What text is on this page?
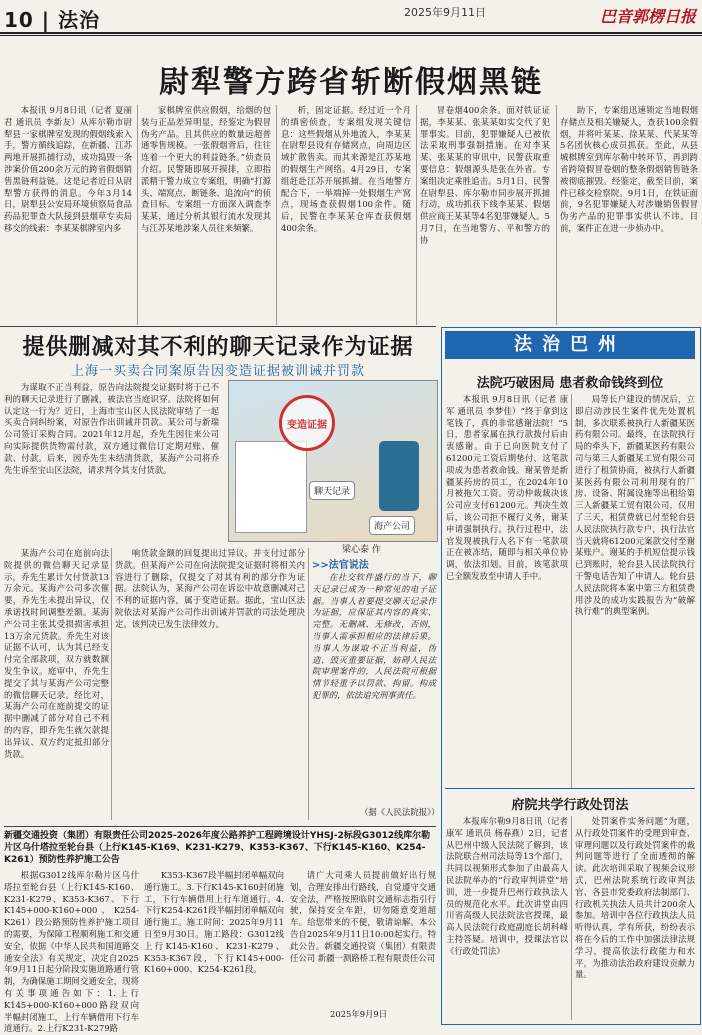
10 | 法治	2025年9月11日	巴音郭楞日报
尉犁警方跨省斩断假烟黑链

本报讯 9月8日讯（记者 夏丽君 通讯员 李新友）从库尔勒市尉犁县一家棋牌室发现的假烟线索入手，警方循线追踪，在新疆、江苏两地开展抓捕行动，成功捣毁一条涉案价值200余万元的跨省假烟销售黑链利益链。这是记者近日从尉犁警方获得的消息。今年3月14日，尉犁县公安局环境侦察局食品药品犯罪查大队接到县烟草专卖局移交的线索：李某某棋牌室内多

家棋牌室供应假烟，给烟的包装与正品差异明显，经鉴定为假冒伪劣产品。且其供应的数量远超普通零售规模。一张假烟背后，往往连着一个更大的利益链条。”侦查员介绍。民警随即展开摸排，立即指派精干警力成立专案组，明确“打源头、端窝点、断链条、追流向”的侦查目标。专案组一方面深入调查李某某，通过分析其银行流水发现其与江苏某地涉案人员往来频繁。

析，固定证据。经过近一个月的缜密侦查，专案组发现关键信息：这些假烟从外地流入，李某某在尉犁县设有存储窝点，向周边区域扩散售卖。而其来源是江苏某地的假烟生产网络。4月29日，专案组赶赴江苏开展抓捕。在当地警方配合下，一举端掉一处假烟生产窝点，现场查获假烟100余件。随后，民警在李某某仓库查获假烟400余条。

冒卷烟400余条。面对铁证证据，李某某、张某某如实交代了犯罪事实。目前，犯罪嫌疑人已被依法采取刑事强制措施。在对李某某、张某某的审讯中，民警获取重要信息：假烟源头是张在外省。专案组决定乘胜追击。5月1日，民警在尉犁县、库尔勒市同步展开抓捕行动，成功抓获下线李某某、假烟供应商王某某等4名犯罪嫌疑人。5月7日，在当地警方、平和警方的协

助下，专案组迅速锁定当地假烟存储点及相关嫌疑人，查获100余假烟，并将叶某某、徐某某、代某某等5名团伙核心成员抓获。至此，从县城棋牌室到库尔勒中转环节，再到跨省跨境假冒卷烟的整条假烟销售链条被彻底摧毁。经鉴定，截至目前，案件已移交检察院。9月1日，在铁证面前，9名犯罪嫌疑人对涉嫌销售假冒伪劣产品的犯罪事实供认不讳。目前，案件正在进一步侦办中。

提供删减对其不利的聊天记录作为证据
上海一买卖合同案原告因变造证据被训诫并罚款

为谋取不正当利益，原告向法院提交证据时将于己不利的聊天记录进行了删减，被法官当庭识穿。法院将如何认定这一行为？近日，上海市宝山区人民法院审结了一起买卖合同纠纷案，对原告作出训诫并罚款。某公司与新瑞公司签订采购合同。2021年12月起，乔先生因往来公司向实际提供货物需付款，双方通过微信订定期对账、催款、付款。后来，因乔先生未结清货款，某海产公司将乔先生诉至宝山区法院，请求判令其支付货款。

变造证据
聊天记录
海产公司
梁心泰 作

某海产公司在庭前向法院提供的微信聊天记录显示，乔先生累计欠付货款13万余元。某海产公司多次催要，乔先生未提出异议，仅承诺找时间调整差额。某海产公司主张其受损损害承担13万余元货款。乔先生对该证据不认可，认为其已经支付完全部款项，双方就数额发生争议。庭审中，乔先生提交了其与某海产公司完整的微信聊天记录。经比对，某海产公司在庭前提交的证据中删减了部分对自己不利的内容，即乔先生就欠款提出异议、双方约定抵扣部分货款。

响货款金额的回复提出过异议，并支付过部分货款。但某海产公司在向法院提交证据时将相关内容进行了删除，仅提交了对其有利的部分作为证据。法院认为，某海产公司在诉讼中故意删减对己不利的证据内容，属于变造证据。据此，宝山区法院依法对某海产公司作出训诫并罚款的司法处理决定。该判决已发生法律效力。

>>法官说法

在社交软件盛行的当下，聊天记录已成为一种常见的电子证据。当事人若要提交聊天记录作为证据，应保证其内容的真实、完整。无删减、无修改，否则，当事人需承担相应的法律后果。当事人为谋取不正当利益，伪造、毁灭重要证据，妨碍人民法院审理案件的，人民法院可根据情节轻重予以罚款、拘留。构成犯罪的，依法追究刑事责任。

（据《人民法院报》）
法治巴州
法院巧破困局 患者救命钱终到位

本报讯 9月8日讯（记者 康军 通讯员 李梦佳）“终于拿到这笔钱了，真的非常感谢法院！”5日，患者家属在执行款拨付后由衷感谢。由于已向医院支付了61200元工资后期垫付，这笔款项成为患者救命钱。谢某曾是新疆某药房的员工，在2024年10月被拖欠工资。劳动仲裁裁决该公司应支付61200元。判决生效后，该公司拒不履行义务，谢某申请强制执行。执行过程中，法官发现被执行人名下有一笔款项正在被冻结，随即与相关单位协调，依法扣划。目前，该笔款项已全额发放至申请人手中。

局等长户建设的情况后，立即启动涉民生案件优先处置机制，多次联系被执行人新疆某医药有限公司。最终，在法院执行局的牵头下，新疆某医药有限公司与第三人新疆某工贸有限公司进行了租赁协商，被执行人新疆某医药有限公司利用现有的厂房、设备、附属设施等出租给第三人新疆某工贸有限公司，仅用了三天，租赁费就已付至轮台县人民法院执行款专户，执行法官当天就将61200元案款交付至谢某账户。谢某的手机短信提示钱已到账时，轮台县人民法院执行干警电话告知了申请人。轮台县人民法院将本案中第三方租赁费用涉及的成功实践报告为“破解执行难”的典型案例。

府院共学行政处罚法

本报库尔勒9月8日讯（记者 康军 通讯员 杨春燕）2日，记者从巴州中级人民法院了解到，该法院联合州司法局等13个部门，共同以视频形式参加了由最高人民法院举办的“行政审判讲堂”培训，进一步提升巴州行政执法人员的规范化水平。此次讲堂由四川省高级人民法院法官授课，最高人民法院行政庭副庭长胡科峰主持答疑。培训中，授课法官以《行政处罚法》

处罚案件实务问题”为题，从行政处罚案件的受理到审查、审理问题以及行政处罚案件的裁判问题等进行了全面透彻的解读。此次培训采取了视频会议形式，巴州法院系统行政审判法官、各县市党委政府法制部门、行政机关执法人员共计200余人参加。培训中各位行政执法人员听得认真，学有所获，纷纷表示将在今后的工作中加强法律法规学习，提高依法行政能力和水平，为推动法治政府建设贡献力量。

新疆交通投资（集团）有限责任公司2025-2026年度公路养护工程跨境设计YHSJ-2标段G3012线库尔勒片区乌什塔拉至轮台县（上行K145-K169、K231-K279、K353-K367、下行K145-K160、K254-K261）预防性养护施工公告

根据G3012线库尔勒片区乌什塔拉至轮台县（上行K145-K160、K231-K279、K353-K367、下行K145+000-K160+000、K254-K261）段公路预防性养护施工项目的需要，为保障工程顺利施工和交通安全，依据《中华人民共和国道路交通安全法》有关规定，决定自2025年9月11日起分阶段实施道路通行管制，为确保施工期间交通安全，现将有关事项通告如下：1.上行K145+000-K160+000路段双向半幅封闭施工，上行车辆借用下行车道通行。2.上行K231-K279路

K353-K367段半幅封闭单幅双向通行施工。3.下行K145-K160封闭施工，下行车辆借用上行车道通行。4.下行K254-K261段半幅封闭单幅双向通行施工。施工时间：2025年9月11日至9月30日。施工路段：G3012线上行K145-K160、K231-K279、K353-K367段，下行K145+000-K160+000、K254-K261段。

请广大司乘人员提前做好出行规划，合理安排出行路线，自觉遵守交通安全法，严格按照临时交通标志指引行驶，保持安全车距，切勿随意变道超车。给您带来的不便，敬请谅解。本公告自2025年9月11日10:00起实行。特此公告。新疆交通投资（集团）有限责任公司 新疆一测路桥工程有限责任公司

2025年9月9日
